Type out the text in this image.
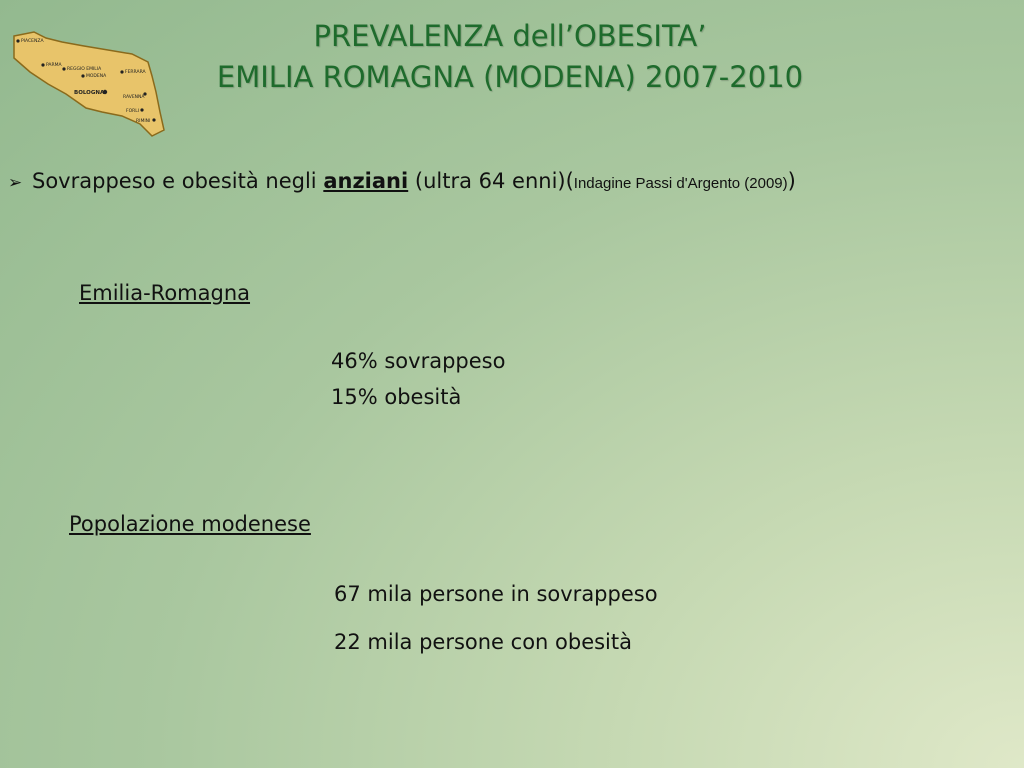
PIACENZA
PARMA
REGGIO EMILIA
MODENA
FERRARA
BOLOGNA
RAVENNA
FORLI
RIMINI
PREVALENZA dell’OBESITA’
EMILIA ROMAGNA (MODENA) 2007-2010
➢ Sovrappeso e obesità negli
anziani
(ultra 64 enni)( Indagine Passi d'Argento (2009) )
Emilia-Romagna
46% sovrappeso
15% obesità
Popolazione modenese
67 mila persone in sovrappeso
22 mila persone con obesità
